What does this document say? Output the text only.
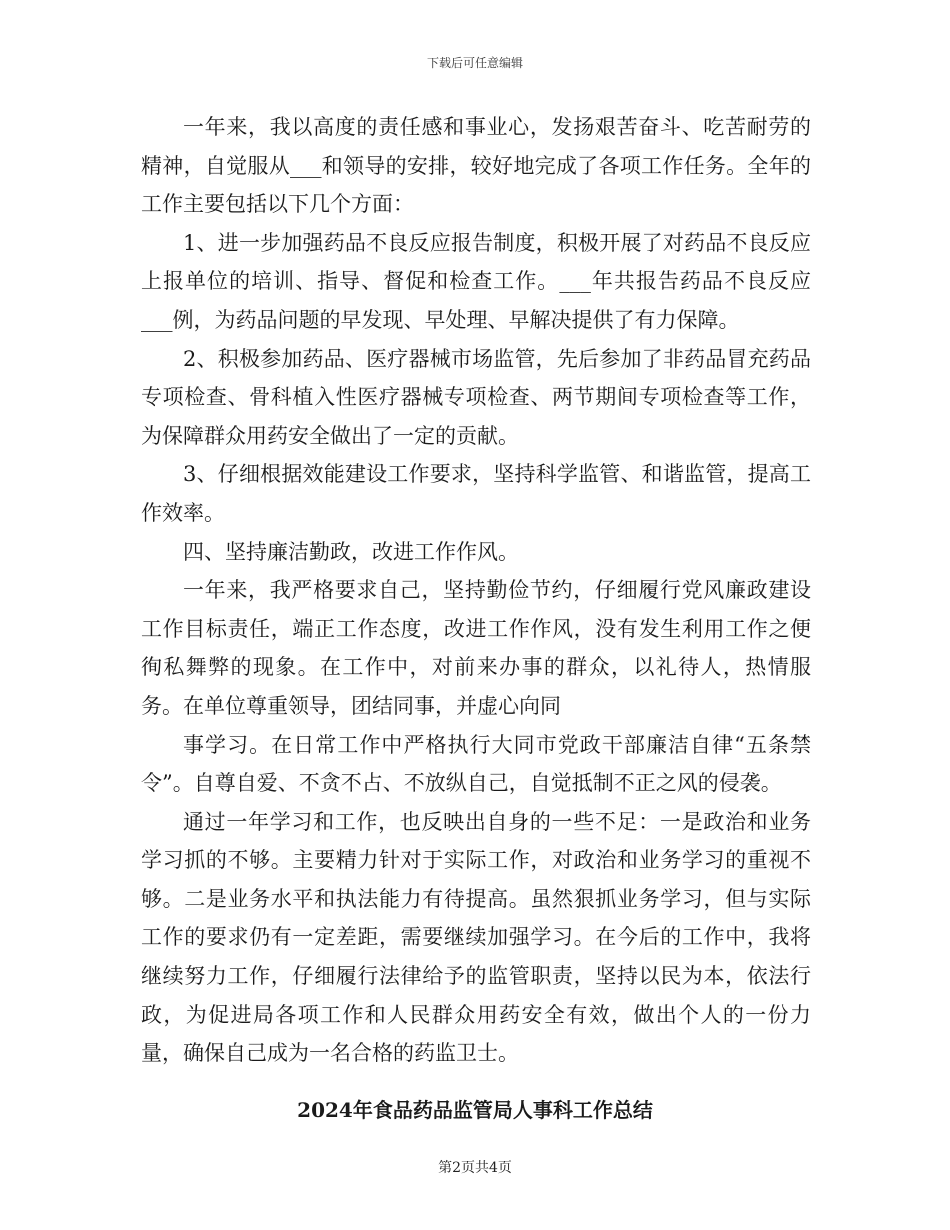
下载后可任意编辑

一年来，我以高度的责任感和事业心，发扬艰苦奋斗、吃苦耐劳的精神，自觉服从___和领导的安排，较好地完成了各项工作任务。全年的工作主要包括以下几个方面：

1、进一步加强药品不良反应报告制度，积极开展了对药品不良反应上报单位的培训、指导、督促和检查工作。___年共报告药品不良反应___例，为药品问题的早发现、早处理、早解决提供了有力保障。

2、积极参加药品、医疗器械市场监管，先后参加了非药品冒充药品专项检查、骨科植入性医疗器械专项检查、两节期间专项检查等工作，为保障群众用药安全做出了一定的贡献。

3、仔细根据效能建设工作要求，坚持科学监管、和谐监管，提高工作效率。

四、坚持廉洁勤政，改进工作作风。

一年来，我严格要求自己，坚持勤俭节约，仔细履行党风廉政建设工作目标责任，端正工作态度，改进工作作风，没有发生利用工作之便徇私舞弊的现象。在工作中，对前来办事的群众，以礼待人，热情服务。在单位尊重领导，团结同事，并虚心向同

事学习。在日常工作中严格执行大同市党政干部廉洁自律“五条禁令”。自尊自爱、不贪不占、不放纵自己，自觉抵制不正之风的侵袭。

通过一年学习和工作，也反映出自身的一些不足：一是政治和业务学习抓的不够。主要精力针对于实际工作，对政治和业务学习的重视不够。二是业务水平和执法能力有待提高。虽然狠抓业务学习，但与实际工作的要求仍有一定差距，需要继续加强学习。在今后的工作中，我将继续努力工作，仔细履行法律给予的监管职责，坚持以民为本，依法行政，为促进局各项工作和人民群众用药安全有效，做出个人的一份力量，确保自己成为一名合格的药监卫士。

2024年食品药品监管局人事科工作总结
第2页共4页
